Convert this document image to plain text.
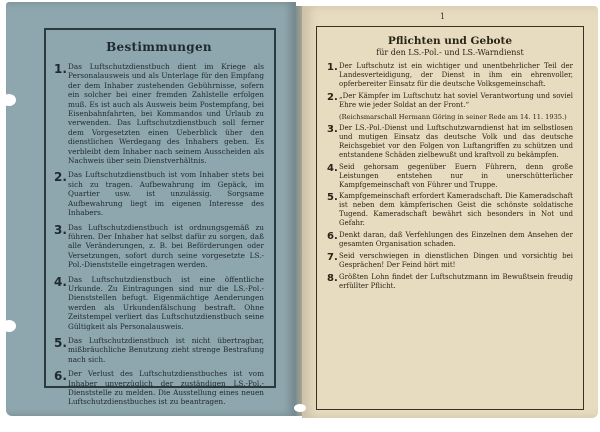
Bestimmungen

1. Das Luftschutzdienstbuch dient im Kriege als Personalausweis und als Unterlage für den Empfang der dem Inhaber zustehenden Gebührnisse, sofern ein solcher bei einer fremden Zahlstelle erfolgen muß. Es ist auch als Ausweis beim Postempfang, bei Eisenbahnfahrten, bei Kommandos und Urlaub zu verwenden. Das Luftschutzdienstbuch soll ferner dem Vorgesetzten einen Ueberblick über den dienstlichen Werdegang des Inhabers geben. Es verbleibt dem Inhaber nach seinem Ausscheiden als Nachweis über sein Dienstverhältnis.
2. Das Luftschutzdienstbuch ist vom Inhaber stets bei sich zu tragen. Aufbewahrung im Gepäck, im Quartier usw. ist unzulässig. Sorgsame Aufbewahrung liegt im eigenen Interesse des Inhabers.
3. Das Luftschutzdienstbuch ist ordnungsgemäß zu führen. Der Inhaber hat selbst dafür zu sorgen, daß alle Veränderungen, z. B. bei Beförderungen oder Versetzungen, sofort durch seine vorgesetzte LS.-Pol.-Dienststelle eingetragen werden.
4. Das Luftschutzdienstbuch ist eine öffentliche Urkunde. Zu Eintragungen sind nur die LS.-Pol.-Dienststellen befugt. Eigenmächtige Aenderungen werden als Urkundenfälschung bestraft. Ohne Zeitstempel verliert das Luftschutzdienstbuch seine Gültigkeit als Personalausweis.
5. Das Luftschutzdienstbuch ist nicht übertragbar, mißbräuchliche Benutzung zieht strenge Bestrafung nach sich.
6. Der Verlust des Luftschutzdienstbuches ist vom Inhaber unverzüglich der zuständigen LS.-Pol.-Dienststelle zu melden. Die Ausstellung eines neuen Luftschutzdienstbuches ist zu beantragen.
1

Pflichten und Gebote

für den LS.-Pol.- und LS.-Warndienst

1. Der Luftschutz ist ein wichtiger und unentbehrlicher Teil der Landesverteidigung, der Dienst in ihm ein ehrenvoller, opferbereiter Einsatz für die deutsche Volksgemeinschaft.
2. „Der Kämpfer im Luftschutz hat soviel Verantwortung und soviel Ehre wie jeder Soldat an der Front.“
(Reichsmarschall Hermann Göring in seiner Rede am 14. 11. 1935.)
3. Der LS.-Pol.-Dienst und Luftschutzwarndienst hat im selbstlosen und mutigen Einsatz das deutsche Volk und das deutsche Reichsgebiet vor den Folgen von Luftangriffen zu schützen und entstandene Schäden zielbewußt und kraftvoll zu bekämpfen.
4. Seid gehorsam gegenüber Euern Führern, denn große Leistungen entstehen nur in unerschütterlicher Kampfgemeinschaft von Führer und Truppe.
5. Kampfgemeinschaft erfordert Kameradschaft. Die Kameradschaft ist neben dem kämpferischen Geist die schönste soldatische Tugend. Kameradschaft bewährt sich besonders in Not und Gefahr.
6. Denkt daran, daß Verfehlungen des Einzelnen dem Ansehen der gesamten Organisation schaden.
7. Seid verschwiegen in dienstlichen Dingen und vorsichtig bei Gesprächen! Der Feind hört mit!
8. Größten Lohn findet der Luftschutzmann im Bewußtsein freudig erfüllter Pflicht.
